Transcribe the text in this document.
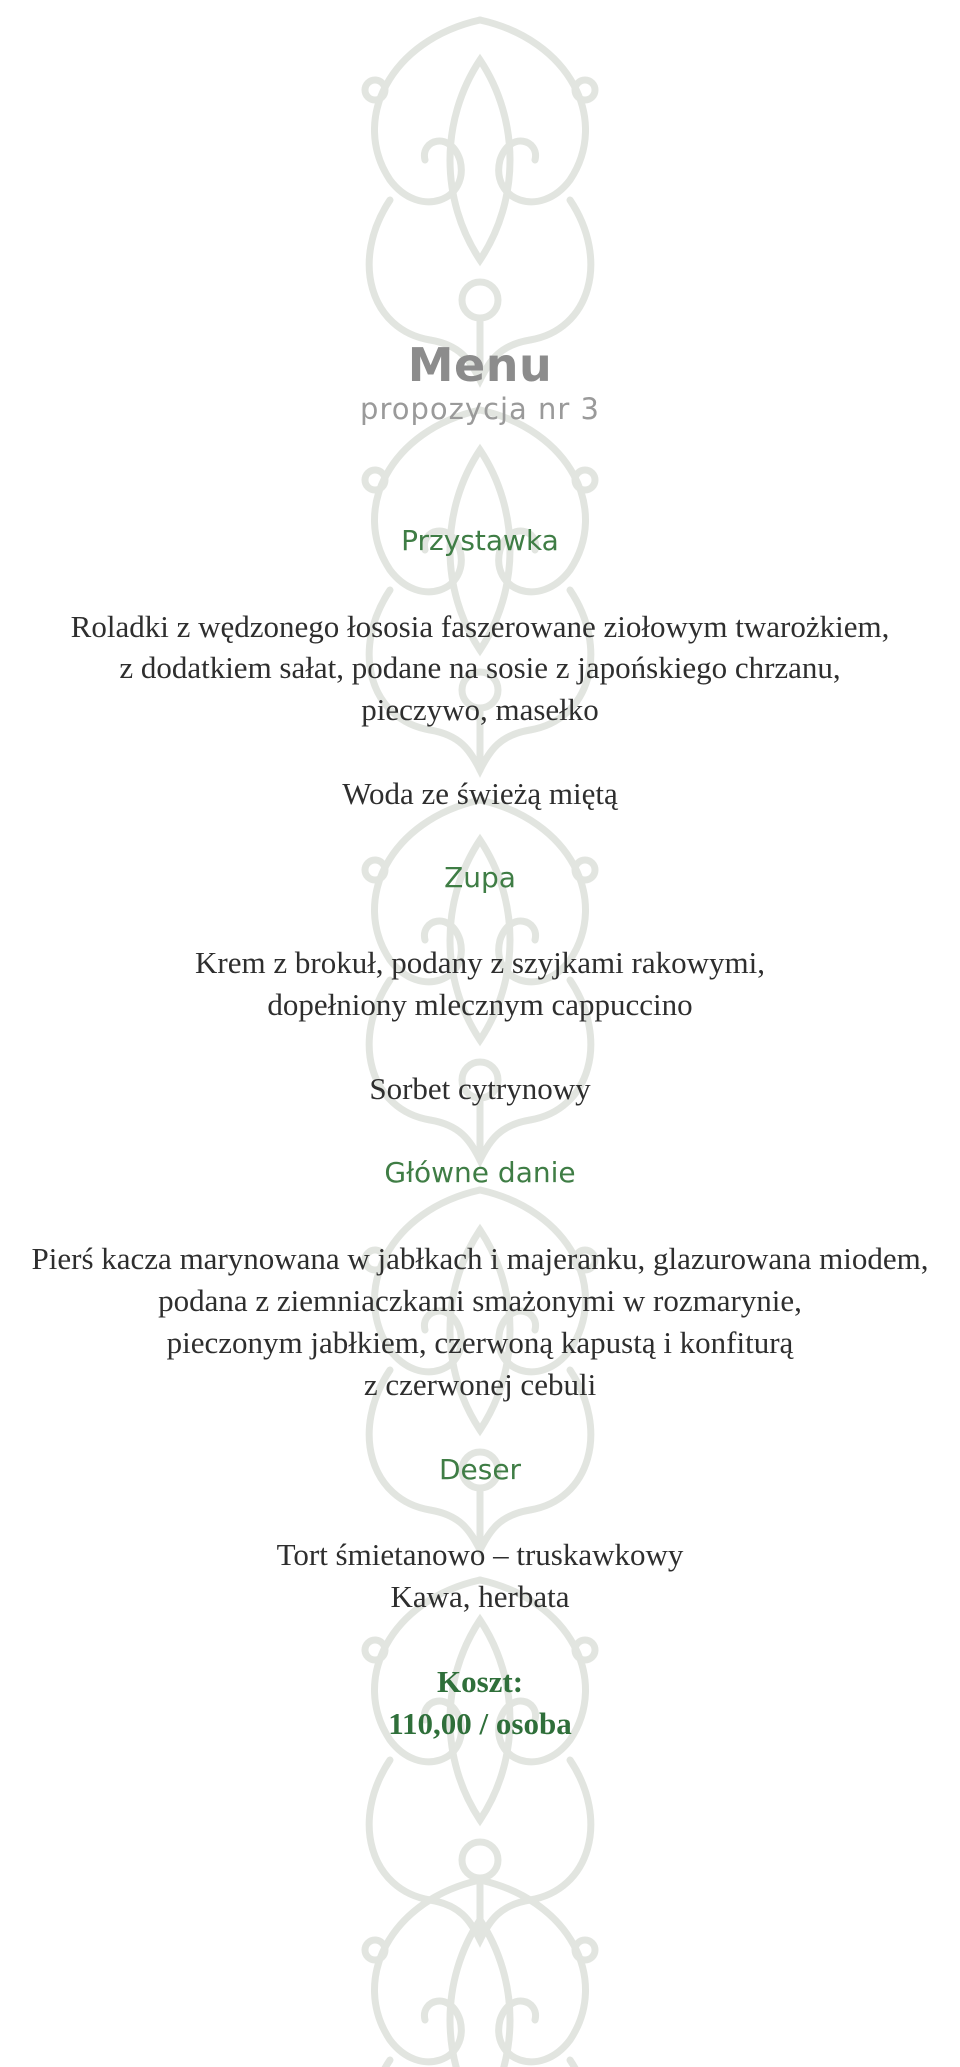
Menu
propozycja nr 3
Przystawka
Roladki z wędzonego łososia faszerowane ziołowym twarożkiem,
z dodatkiem sałat, podane na sosie z japońskiego chrzanu,
pieczywo, masełko
Woda ze świeżą miętą
Zupa
Krem z brokuł, podany z szyjkami rakowymi,
dopełniony mlecznym cappuccino
Sorbet cytrynowy
Główne danie
Pierś kacza marynowana w jabłkach i majeranku, glazurowana miodem,
podana z ziemniaczkami smażonymi w rozmarynie,
pieczonym jabłkiem, czerwoną kapustą i konfiturą
z czerwonej cebuli
Deser
Tort śmietanowo – truskawkowy
Kawa, herbata
Koszt:
110,00 / osoba
